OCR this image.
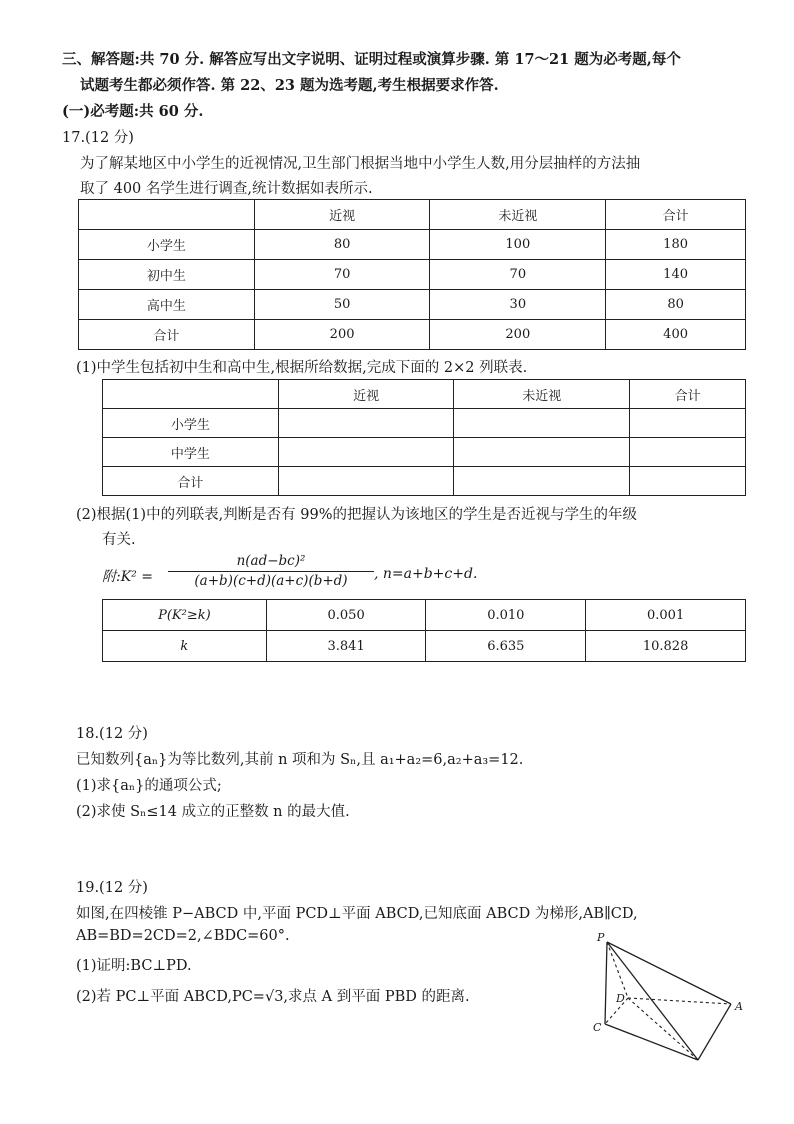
三、解答题:共 70 分. 解答应写出文字说明、证明过程或演算步骤. 第 17～21 题为必考题,每个
试题考生都必须作答. 第 22、23 题为选考题,考生根据要求作答.
(一)必考题:共 60 分.
17.(12 分)
为了解某地区中小学生的近视情况,卫生部门根据当地中小学生人数,用分层抽样的方法抽
取了 400 名学生进行调查,统计数据如表所示.
	近视	未近视	合计
小学生	80	100	180
初中生	70	70	140
高中生	50	30	80
合计	200	200	400
(1)中学生包括初中生和高中生,根据所给数据,完成下面的 2×2 列联表.
	近视	未近视	合计
小学生			
中学生			
合计			
(2)根据(1)中的列联表,判断是否有 99%的把握认为该地区的学生是否近视与学生的年级
有关.
附:K² =
n(ad−bc)²
(a+b)(c+d)(a+c)(b+d)	, n=a+b+c+d.
P(K²≥k)	0.050	0.010	0.001
k	3.841	6.635	10.828
18.(12 分)
已知数列{aₙ}为等比数列,其前 n 项和为 Sₙ,且 a₁+a₂=6,a₂+a₃=12.
(1)求{aₙ}的通项公式;
(2)求使 Sₙ≤14 成立的正整数 n 的最大值.
19.(12 分)
如图,在四棱锥 P−ABCD 中,平面 PCD⊥平面 ABCD,已知底面 ABCD 为梯形,AB∥CD,
AB=BD=2CD=2,∠BDC=60°.
(1)证明:BC⊥PD.
(2)若 PC⊥平面 ABCD,PC=√3,求点 A 到平面 PBD 的距离.
P
D
A
C
